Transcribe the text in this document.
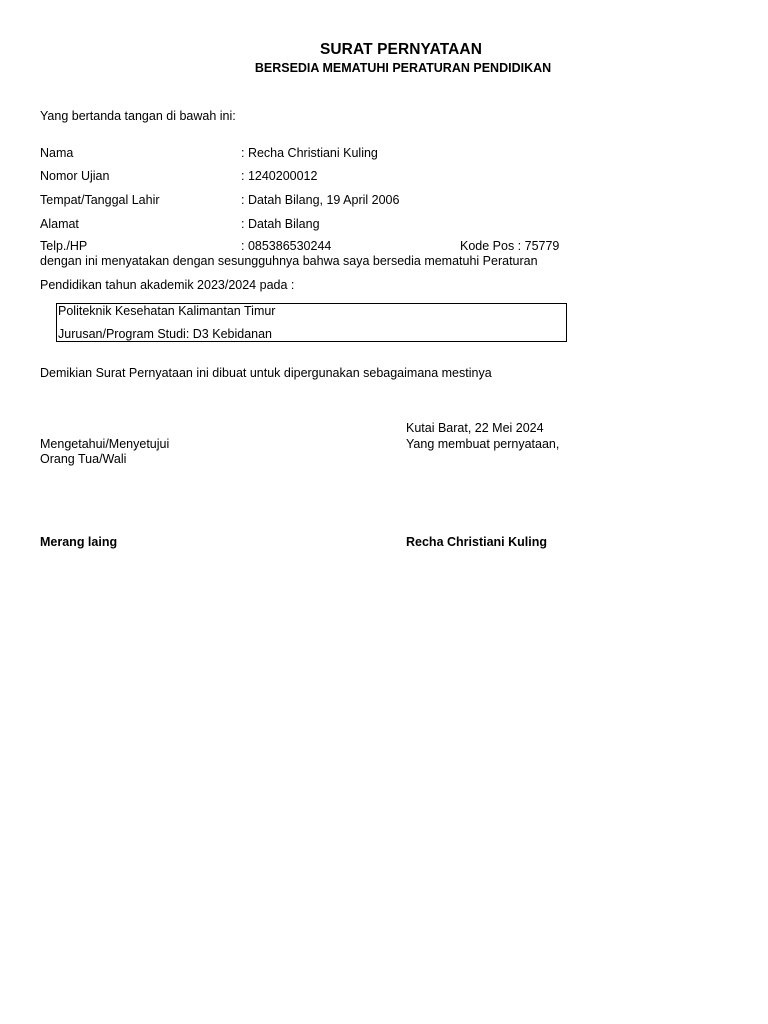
SURAT PERNYATAAN
BERSEDIA MEMATUHI PERATURAN PENDIDIKAN
Yang bertanda tangan di bawah ini:
Nama	: Recha Christiani Kuling
Nomor Ujian	: 1240200012
Tempat/Tanggal Lahir	: Datah Bilang, 19 April 2006
Alamat	: Datah Bilang
Telp./HP	: 085386530244	Kode Pos : 75779
dengan ini menyatakan dengan sesungguhnya bahwa saya bersedia mematuhi Peraturan
Pendidikan tahun akademik 2023/2024 pada :
Politeknik Kesehatan Kalimantan Timur
Jurusan/Program Studi: D3 Kebidanan
Demikian Surat Pernyataan ini dibuat untuk dipergunakan sebagaimana mestinya
Kutai Barat, 22 Mei 2024
Mengetahui/Menyetujui	Yang membuat pernyataan,
Orang Tua/Wali
Merang laing	Recha Christiani Kuling
